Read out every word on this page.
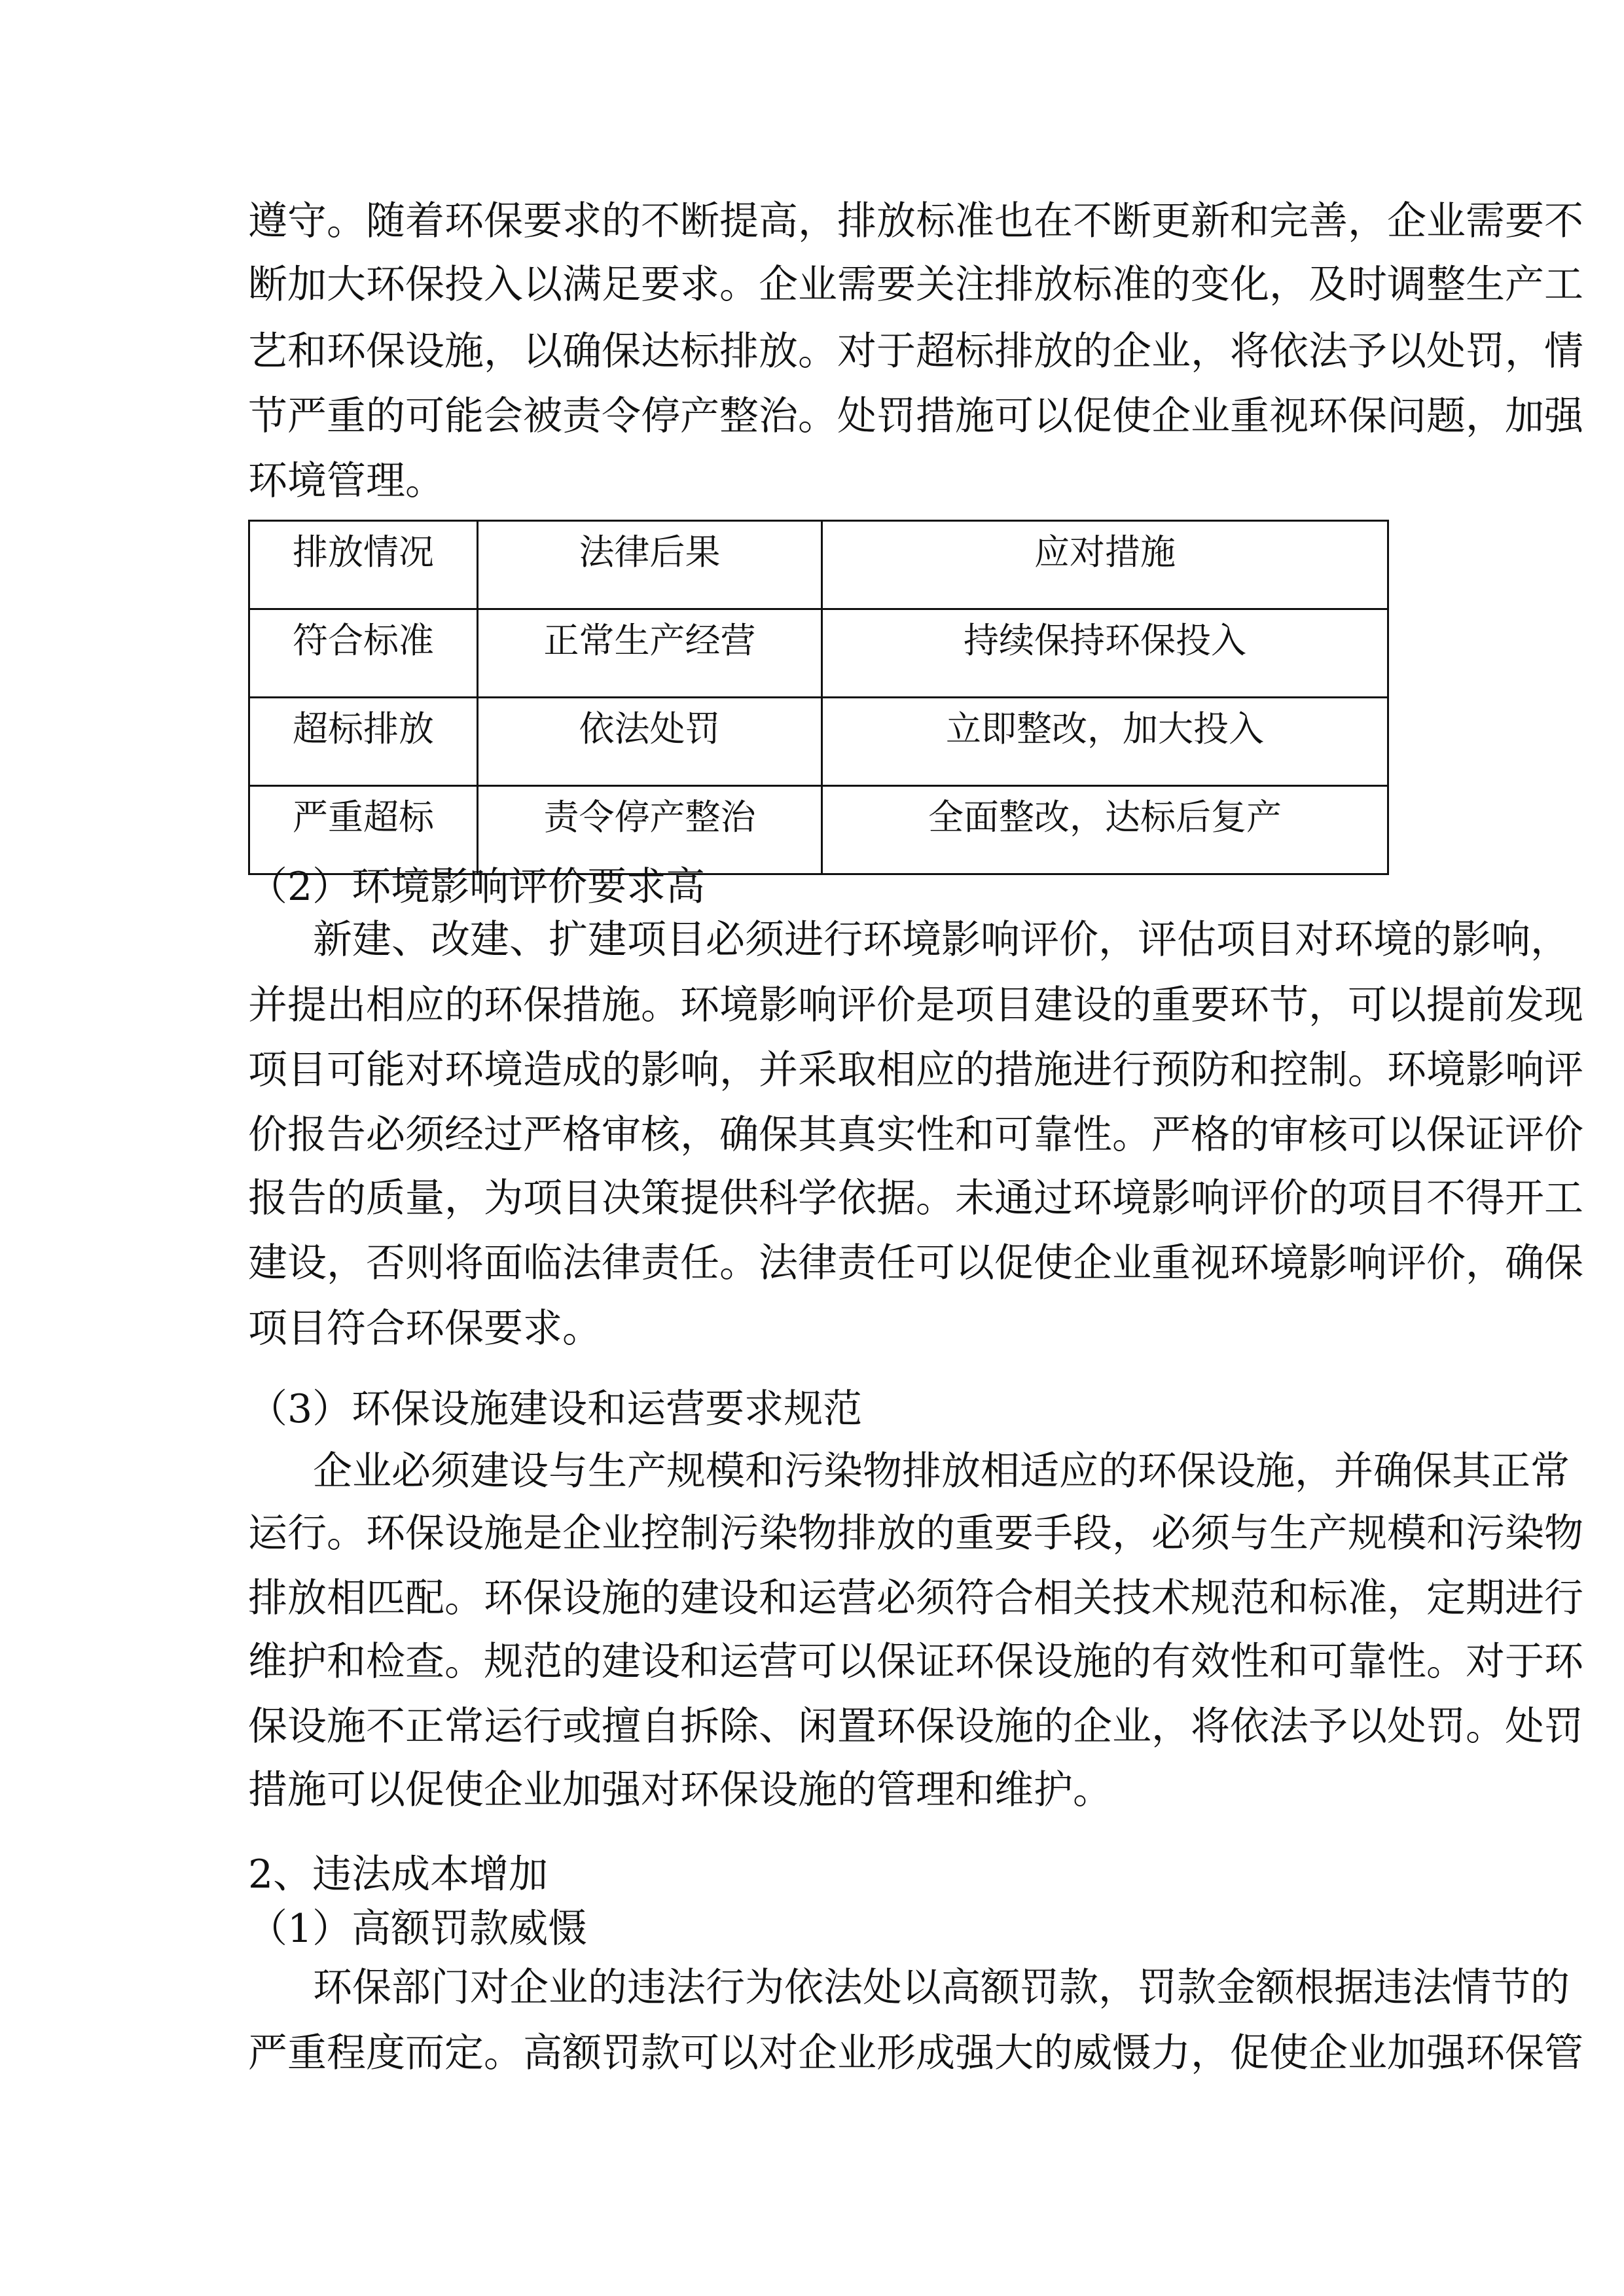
遵守。随着环保要求的不断提高，排放标准也在不断更新和完善，企业需要不
断加大环保投入以满足要求。企业需要关注排放标准的变化，及时调整生产工
艺和环保设施，以确保达标排放。对于超标排放的企业，将依法予以处罚，情
节严重的可能会被责令停产整治。处罚措施可以促使企业重视环保问题，加强
环境管理。
排放情况	法律后果	应对措施
符合标准	正常生产经营	持续保持环保投入
超标排放	依法处罚	立即整改，加大投入
严重超标	责令停产整治	全面整改，达标后复产
（2）环境影响评价要求高
新建、改建、扩建项目必须进行环境影响评价，评估项目对环境的影响，
并提出相应的环保措施。环境影响评价是项目建设的重要环节，可以提前发现
项目可能对环境造成的影响，并采取相应的措施进行预防和控制。环境影响评
价报告必须经过严格审核，确保其真实性和可靠性。严格的审核可以保证评价
报告的质量，为项目决策提供科学依据。未通过环境影响评价的项目不得开工
建设，否则将面临法律责任。法律责任可以促使企业重视环境影响评价，确保
项目符合环保要求。
（3）环保设施建设和运营要求规范
企业必须建设与生产规模和污染物排放相适应的环保设施，并确保其正常
运行。环保设施是企业控制污染物排放的重要手段，必须与生产规模和污染物
排放相匹配。环保设施的建设和运营必须符合相关技术规范和标准，定期进行
维护和检查。规范的建设和运营可以保证环保设施的有效性和可靠性。对于环
保设施不正常运行或擅自拆除、闲置环保设施的企业，将依法予以处罚。处罚
措施可以促使企业加强对环保设施的管理和维护。
2、违法成本增加
（1）高额罚款威慑
环保部门对企业的违法行为依法处以高额罚款，罚款金额根据违法情节的
严重程度而定。高额罚款可以对企业形成强大的威慑力，促使企业加强环保管
